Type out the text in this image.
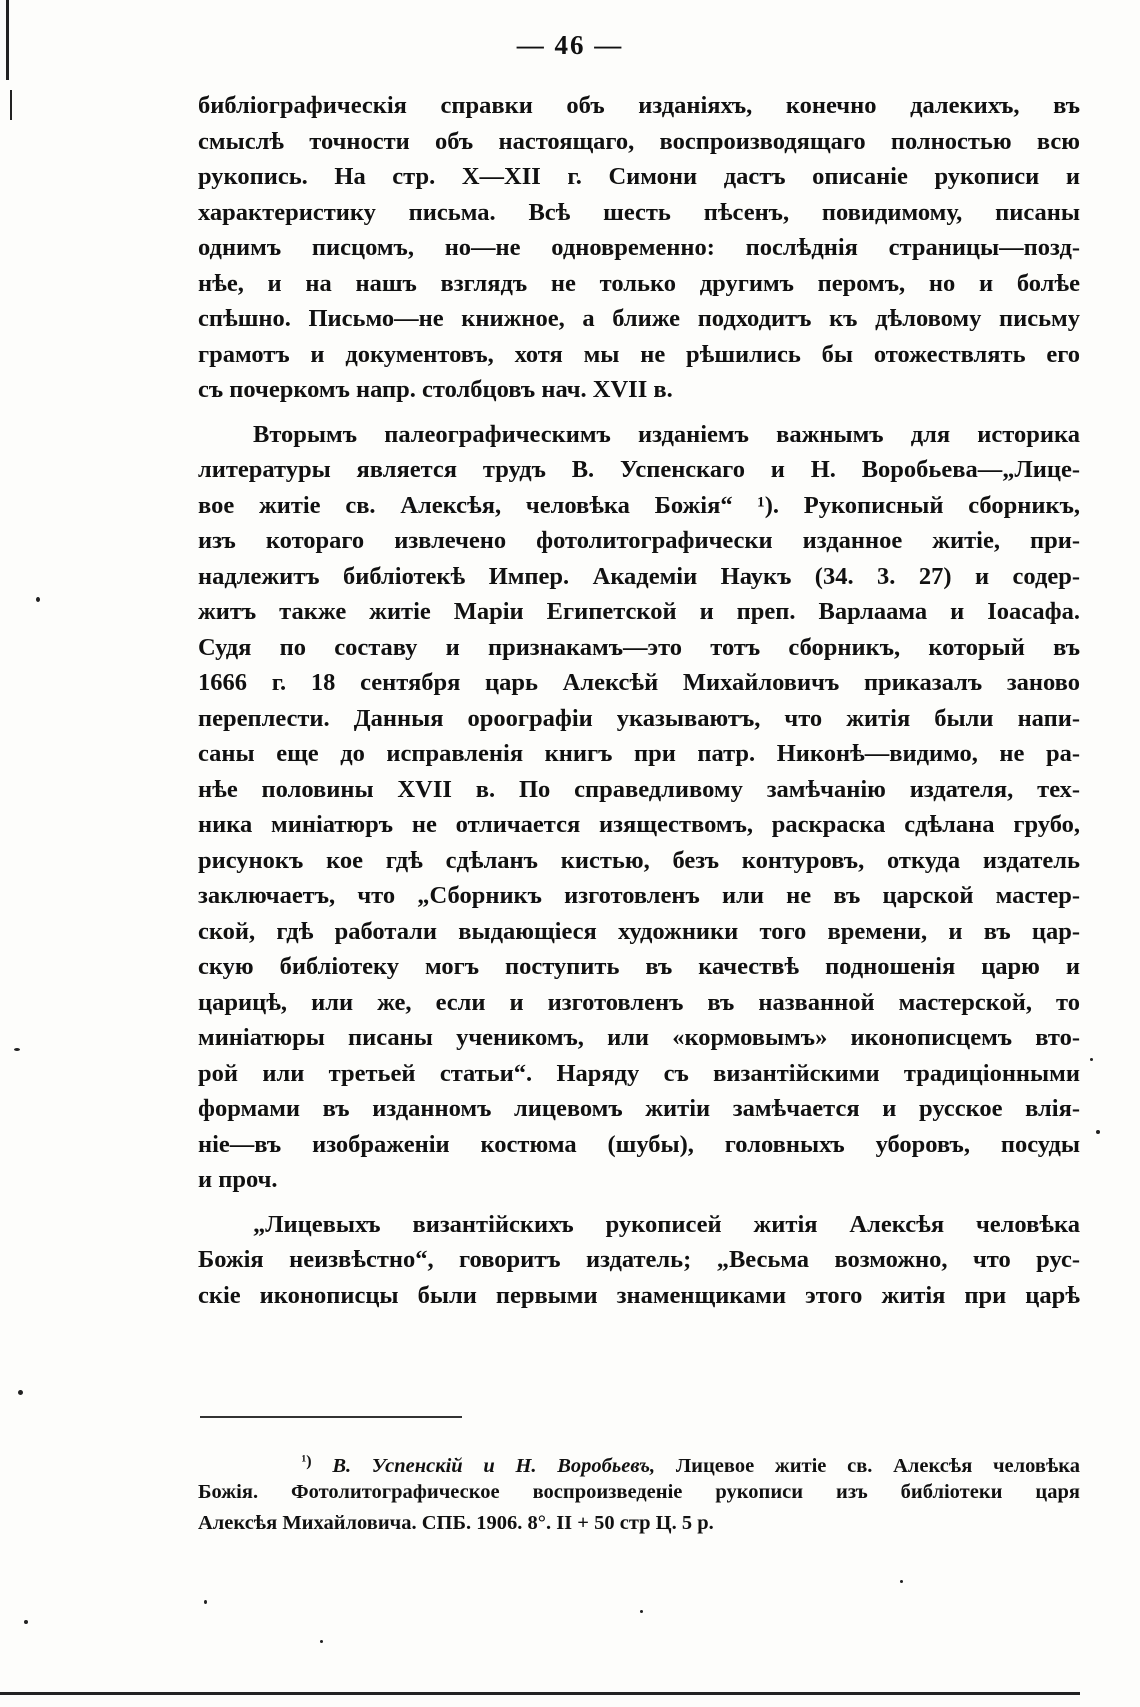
— 46 —
библіографическія справки объ изданіяхъ, конечно далекихъ, въ
смыслѣ точности объ настоящаго, воспроизводящаго полностью всю
рукопись. На стр. X—XII г. Симони дастъ описаніе рукописи и
характеристику письма. Всѣ шесть пѣсенъ, повидимому, писаны
однимъ писцомъ, но—не одновременно: послѣднія страницы—позд-
нѣе, и на нашъ взглядъ не только другимъ перомъ, но и болѣе
спѣшно. Письмо—не книжное, а ближе подходитъ къ дѣловому письму
грамотъ и документовъ, хотя мы не рѣшились бы отожествлять его
съ почеркомъ напр. столбцовъ нач. XVII в.
Вторымъ палеографическимъ изданіемъ важнымъ для историка
литературы является трудъ В. Успенскаго и Н. Воробьева—„Лице-
вое житіе св. Алексѣя, человѣка Божія“ ¹). Рукописный сборникъ,
изъ котораго извлечено фотолитографически изданное житіе, при-
надлежитъ библіотекѣ Импер. Академіи Наукъ (34. 3. 27) и содер-
житъ также житіе Маріи Египетской и преп. Варлаама и Іоасафа.
Судя по составу и признакамъ—это тотъ сборникъ, который въ
1666 г. 18 сентября царь Алексѣй Михайловичъ приказалъ заново
переплести. Данныя ороографіи указываютъ, что житія были напи-
саны еще до исправленія книгъ при патр. Никонѣ—видимо, не ра-
нѣе половины XVII в. По справедливому замѣчанію издателя, тех-
ника миніатюръ не отличается изяществомъ, раскраска сдѣлана грубо,
рисунокъ кое гдѣ сдѣланъ кистью, безъ контуровъ, откуда издатель
заключаетъ, что „Сборникъ изготовленъ или не въ царской мастер-
ской, гдѣ работали выдающіеся художники того времени, и въ цар-
скую библіотеку могъ поступить въ качествѣ подношенія царю и
царицѣ, или же, если и изготовленъ въ названной мастерской, то
миніатюры писаны ученикомъ, или «кормовымъ» иконописцемъ вто-
рой или третьей статьи“. Наряду съ византійскими традиціонными
формами въ изданномъ лицевомъ житіи замѣчается и русское влія-
ніе—въ изображеніи костюма (шубы), головныхъ уборовъ, посуды
и проч.
„Лицевыхъ византійскихъ рукописей житія Алексѣя человѣка
Божія неизвѣстно“, говоритъ издатель; „Весьма возможно, что рус-
скіе иконописцы были первыми знаменщиками этого житія при царѣ
$^{^1)}$ В. Успенскій и Н. Воробьевъ, Лицевое житіе св. Алексѣя человѣка
Божія. Фотолитографическое воспроизведеніе рукописи изъ библіотеки царя
Алексѣя Михайловича. СПБ. 1906. 8°. II + 50 стр Ц. 5 р.
